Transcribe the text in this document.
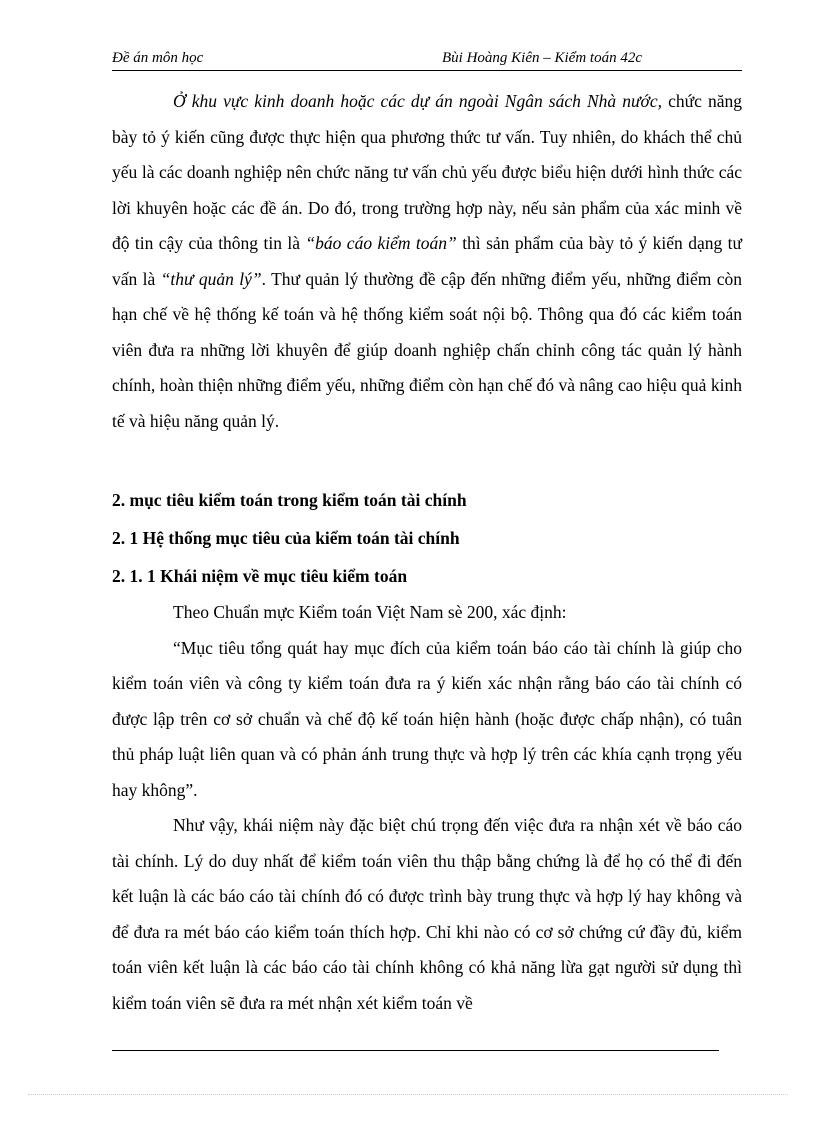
Đề án môn học	Bùi Hoàng Kiên – Kiểm toán 42c

Ở khu vực kinh doanh hoặc các dự án ngoài Ngân sách Nhà nước, chức năng bày tỏ ý kiến cũng được thực hiện qua phương thức tư vấn. Tuy nhiên, do khách thể chủ yếu là các doanh nghiệp nên chức năng tư vấn chủ yếu được biểu hiện dưới hình thức các lời khuyên hoặc các đề án. Do đó, trong trường hợp này, nếu sản phẩm của xác minh về độ tin cậy của thông tin là “báo cáo kiểm toán” thì sản phẩm của bày tỏ ý kiến dạng tư vấn là “thư quản lý”. Thư quản lý thường đề cập đến những điểm yếu, những điểm còn hạn chế về hệ thống kế toán và hệ thống kiểm soát nội bộ. Thông qua đó các kiểm toán viên đưa ra những lời khuyên để giúp doanh nghiệp chấn chỉnh công tác quản lý hành chính, hoàn thiện những điểm yếu, những điểm còn hạn chế đó và nâng cao hiệu quả kinh tế và hiệu năng quản lý.

2. mục tiêu kiểm toán trong kiểm toán tài chính

2. 1 Hệ thống mục tiêu của kiểm toán tài chính

2. 1. 1 Khái niệm về mục tiêu kiểm toán

Theo Chuẩn mực Kiểm toán Việt Nam sè 200, xác định:

“Mục tiêu tổng quát hay mục đích của kiểm toán báo cáo tài chính là giúp cho kiểm toán viên và công ty kiểm toán đưa ra ý kiến xác nhận rằng báo cáo tài chính có được lập trên cơ sở chuẩn và chế độ kế toán hiện hành (hoặc được chấp nhận), có tuân thủ pháp luật liên quan và có phản ánh trung thực và hợp lý trên các khía cạnh trọng yếu hay không”.

Như vậy, khái niệm này đặc biệt chú trọng đến việc đưa ra nhận xét về báo cáo tài chính. Lý do duy nhất để kiểm toán viên thu thập bằng chứng là để họ có thể đi đến kết luận là các báo cáo tài chính đó có được trình bày trung thực và hợp lý hay không và để đưa ra mét báo cáo kiểm toán thích hợp. Chỉ khi nào có cơ sở chứng cứ đầy đủ, kiểm toán viên kết luận là các báo cáo tài chính không có khả năng lừa gạt người sử dụng thì kiểm toán viên sẽ đưa ra mét nhận xét kiểm toán về
